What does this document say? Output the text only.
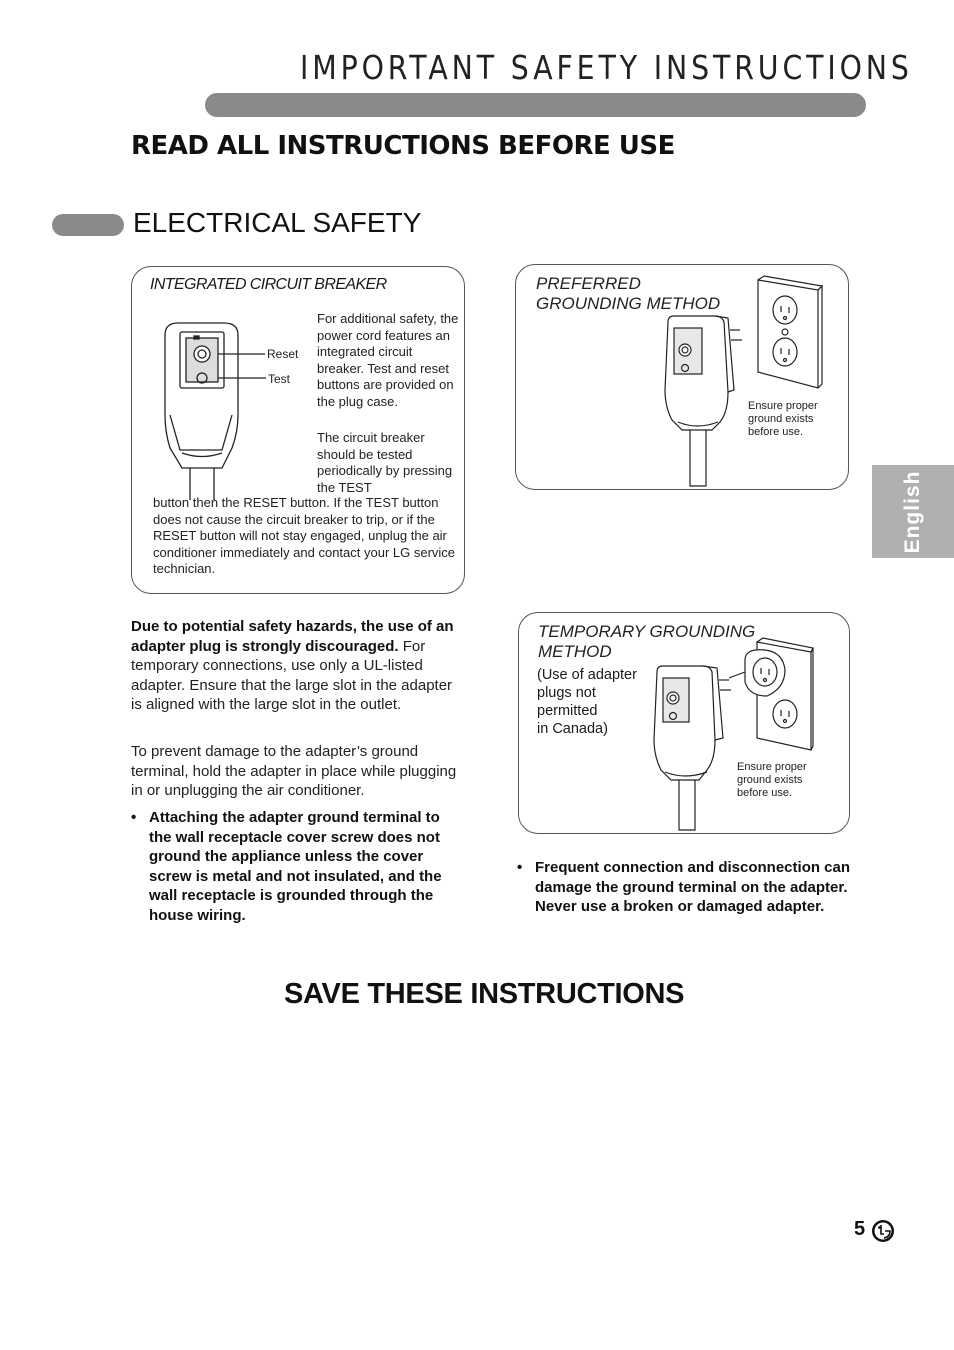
IMPORTANT SAFETY INSTRUCTIONS
READ ALL INSTRUCTIONS BEFORE USE
ELECTRICAL SAFETY
English
INTEGRATED CIRCUIT BREAKER
Reset
Test
For additional safety, the power cord features an integrated circuit breaker. Test and reset buttons are provided on the plug case.
The circuit breaker should be tested periodically by pressing the TEST
button then the RESET button. If the TEST button does not cause the circuit breaker to trip, or if the RESET button will not stay engaged, unplug the air conditioner immediately and contact your LG service technician.
PREFERRED
GROUNDING METHOD
Ensure proper
ground exists
before use.
TEMPORARY GROUNDING
METHOD
(Use of adapter
plugs not
permitted
in Canada)
Ensure proper
ground exists
before use.
Due to potential safety hazards, the use of an adapter plug is strongly discouraged. For temporary connections, use only a UL-listed adapter. Ensure that the large slot in the adapter is aligned with the large slot in the outlet.
To prevent damage to the adapter’s ground terminal, hold the adapter in place while plugging in or unplugging the air conditioner.
• Attaching the adapter ground terminal to the wall receptacle cover screw does not ground the appliance unless the cover screw is metal and not insulated, and the wall receptacle is grounded through the house wiring.
• Frequent connection and disconnection can damage the ground terminal on the adapter. Never use a broken or damaged adapter.
SAVE THESE INSTRUCTIONS
5
